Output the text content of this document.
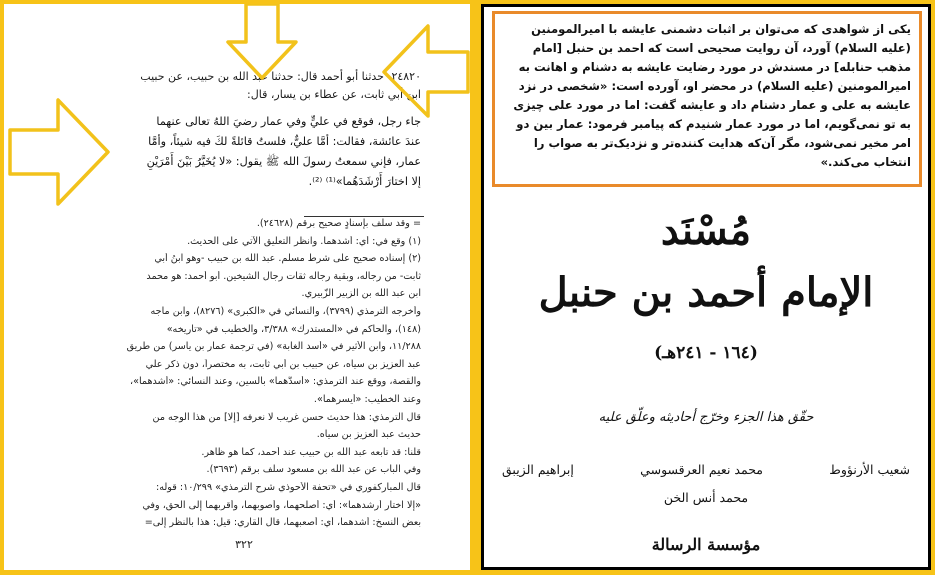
٢٤٨٢٠- حدثنا أبو أحمد قال: حدثنا عبد الله بن حبيب، عن حبيب
ابن أبي ثابت، عن عطاء بن يسار، قال:
جاء رجل، فوقع في عليٍّ وفي عمار رضيَ اللهُ تعالى عنهما
عندَ عائشة، فقالت: أمَّا عليٌّ، فلستُ قائلةً لكَ فيه شيئاً، وأمَّا
عمار، فإني سمعتُ رسولَ الله ﷺ يقول: «لا يُخَيَّرُ بَيْنَ أَمْرَيْنِ
إلا اختارَ أَرْشَدَهُما»⁽¹⁾ ⁽²⁾.
= وقد سلف بإسنادٍ صحيح برقم (٢٤٦٢٨).
(١) وقع في: أي: أشدهما. وانظر التعليق الآتي على الحديث.
(٢) إسناده صحيح على شرط مسلم. عبد الله بن حبيب -وهو ابنُ أبي
ثابت- من رجاله، وبقية رجاله ثقات رجال الشيخين. أبو أحمد: هو محمد
ابن عبد الله بن الزبير الزُّبيري.
وأخرجه الترمذي (٣٧٩٩)، والنسائي في «الكبرى» (٨٢٧٦)، وابن ماجه
(١٤٨)، والحاكم في «المستدرك» ٣/٣٨٨، والخطيب في «تاريخه»
١١/٢٨٨، وابن الأثير في «أسد الغابة» (في ترجمة عمار بن ياسر) من طريق
عبد العزيز بن سياه، عن حبيب بن أبي ثابت، به مختصراً، دون ذكر علي
والقصة، ووقع عند الترمذي: «أسدَّهما» بالسين، وعند النسائي: «أشدهما»،
وعند الخطيب: «أيسرهما».
قال الترمذي: هذا حديث حسن غريب لا نعرفه [إلا] من هذا الوجه من
حديث عبد العزيز بن سياه.
قلنا: قد تابعه عبد الله بن حبيب عند أحمد، كما هو ظاهر.
وفي الباب عن عبد الله بن مسعود سلف برقم (٣٦٩٣).
قال المباركفوري في «تحفة الأحوذي شرح الترمذي» ١٠/٢٩٩: قوله:
«إلا اختار أرشدهما»: أي: أصلحهما، وأصوبهما، وأقربهما إلى الحق، وفي
بعض النسخ: أشدهما، أي: أصعبهما، قال القاري: قيل: هذا بالنظر إلى=
٣٢٢
یکی از شواهدی که می‌توان بر اثبات دشمنی عایشه با امیرالمومنین (علیه السلام) آورد، آن روایت صحیحی است که احمد بن حنبل [امام مذهب حنابله] در مسندش در مورد رضایت عایشه به دشنام و اهانت به امیرالمومنین (علیه السلام) در محضر او، آورده است: «شخصی در نزد عایشه به علی و عمار دشنام داد و عایشه گفت: اما در مورد علی چیزی به تو نمی‌گویم، اما در مورد عمار شنیدم که پیامبر فرمود: عمار بین دو امر مخیر نمی‌شود، مگر آن‌که هدایت کننده‌تر و نزدیک‌تر به صواب را انتخاب می‌کند.»
مُسْنَد
الإمام أحمد بن حنبل
(١٦٤ - ٢٤١هـ)
حقّق هذا الجزء وخرّج أحاديثه وعلّق عليه
شعيب الأرنؤوط
محمد نعيم العرقسوسي
إبراهيم الزيبق
محمد أنس الخن
مؤسسة الرسالة
